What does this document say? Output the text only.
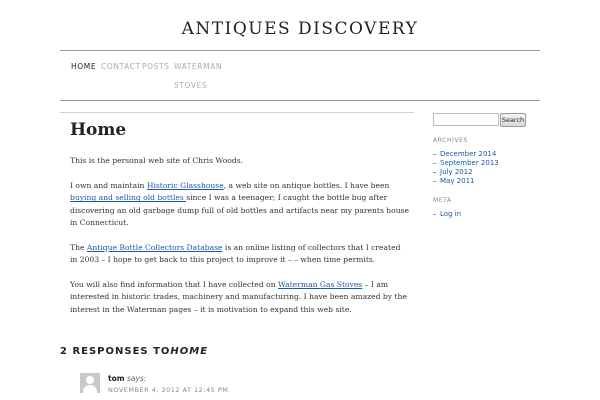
ANTIQUES DISCOVERY
HOME CONTACT POSTS WATERMAN
STOVES
Home

This is the personal web site of Chris Woods.

I own and maintain Historic Glasshouse, a web site on antique bottles. I have been buying and selling old bottles since I was a teenager; I caught the bottle bug after discovering an old garbage dump full of old bottles and artifacts near my parents house in Connecticut.

The Antique Bottle Collectors Database is an online listing of collectors that I created in 2003 – I hope to get back to this project to improve it – – when time permits.

You will also find information that I have collected on Waterman Gas Stoves – I am interested in historic trades, machinery and manufacturing. I have been amazed by the interest in the Waterman pages – it is motivation to expand this web site.

2 RESPONSES TOHOME
tom says:
NOVEMBER 4, 2012 AT 12:45 PM
Search
ARCHIVES
December 2014
September 2013
July 2012
May 2011
META
Log in
